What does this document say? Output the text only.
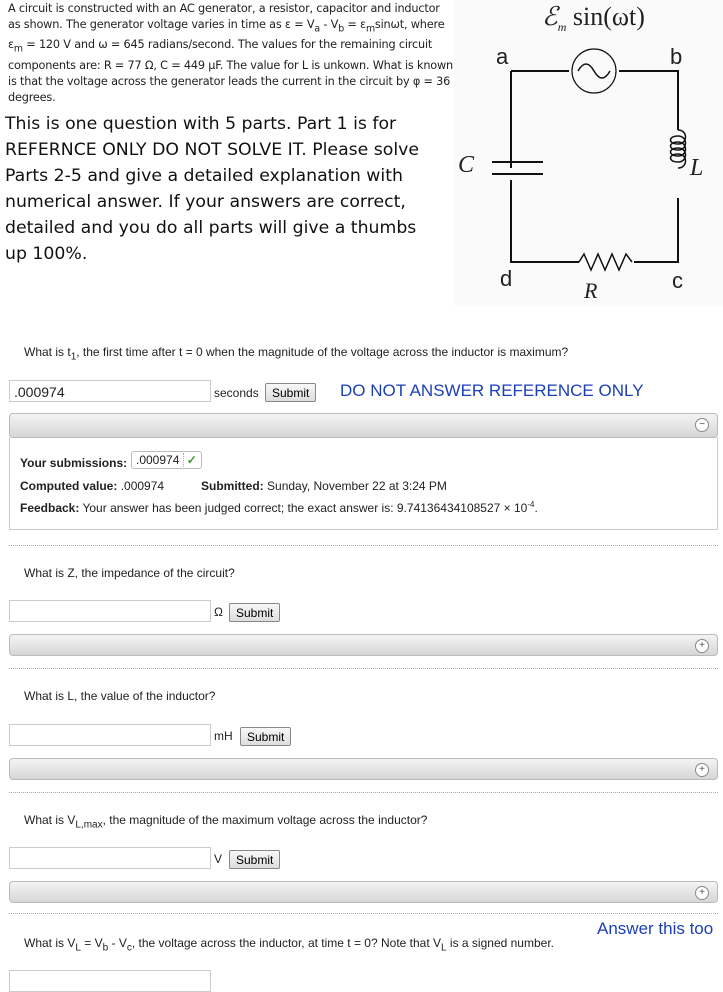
A circuit is constructed with an AC generator, a resistor, capacitor and inductor as shown. The generator voltage varies in time as $\varepsilon = V_a - V_b = \varepsilon_m\sin\omega t$, where $\varepsilon_m = 120$ V and ω = 645 radians/second. The values for the remaining circuit components are: R = 77 Ω, C = 449 μF. The value for L is unkown. What is known is that the voltage across the generator leads the current in the circuit by φ = 36 degrees.
This is one question with 5 parts. Part 1 is for REFERNCE ONLY DO NOT SOLVE IT. Please solve Parts 2-5 and give a detailed explanation with numerical answer. If your answers are correct, detailed and you do all parts will give a thumbs up 100%.
ℰ$_m$ sin(ωt)
a	b
c
d
C	L
R
What is $t_1$, the first time after t = 0 when the magnitude of the voltage across the inductor is maximum?
.000974	seconds	Submit	DO NOT ANSWER REFERENCE ONLY
−
Your submissions: .000974 ✓
Computed value: .000974	Submitted: Sunday, November 22 at 3:24 PM
Feedback: Your answer has been judged correct; the exact answer is: $9.74136434108527 \times 10^{-4}$.
What is Z, the impedance of the circuit?
Ω	Submit
+
What is L, the value of the inductor?
mH	Submit
+
What is $V_{L,max}$, the magnitude of the maximum voltage across the inductor?
V	Submit
+
Answer this too
What is $V_L = V_b - V_c$, the voltage across the inductor, at time t = 0? Note that $V_L$ is a signed number.
